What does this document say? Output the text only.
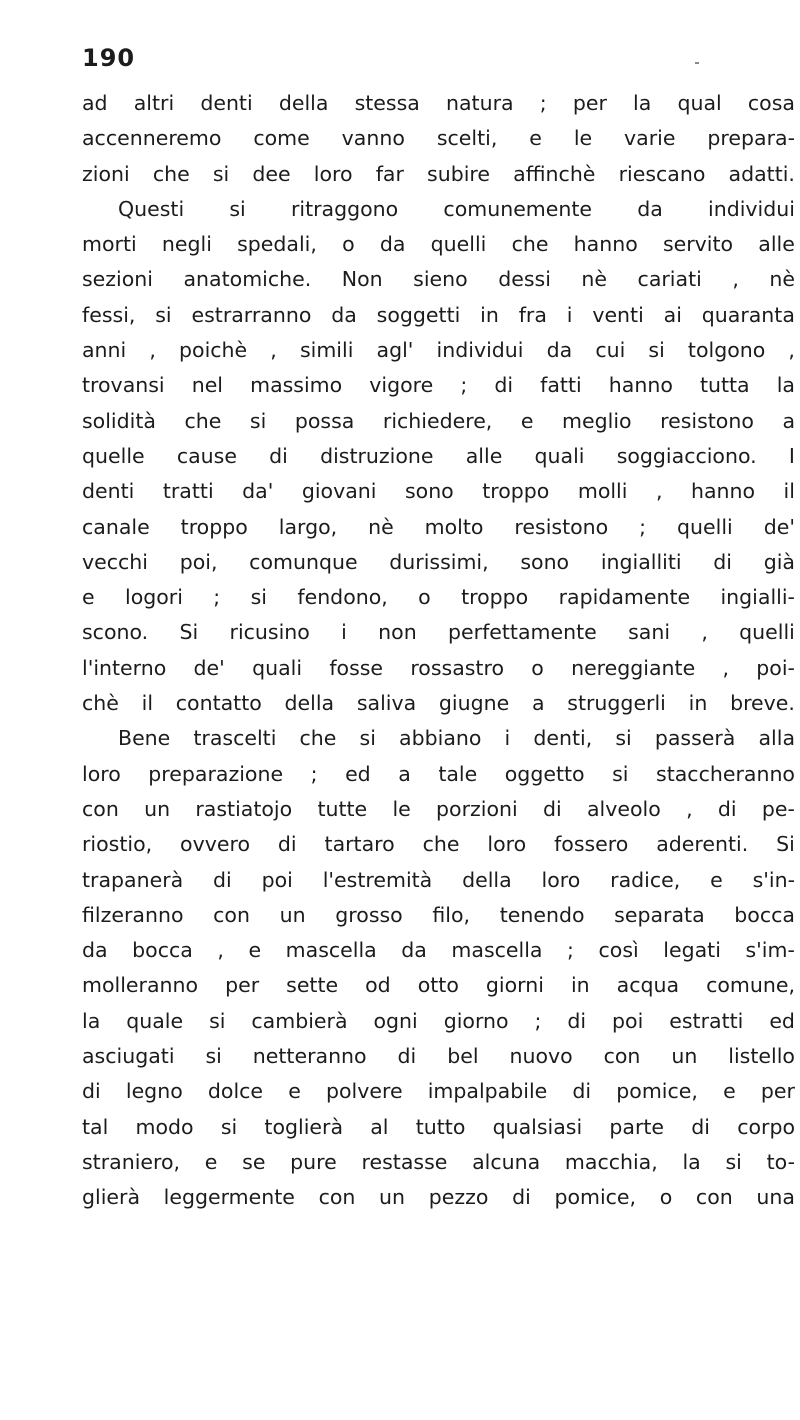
190
ad altri denti della stessa natura ; per la qual cosa
accenneremo come vanno scelti, e le varie prepara-
zioni che si dee loro far subire affinchè riescano adatti.
Questi si ritraggono comunemente da individui
morti negli spedali, o da quelli che hanno servito alle
sezioni anatomiche. Non sieno dessi nè cariati , nè
fessi, si estrarranno da soggetti in fra i venti ai quaranta
anni , poichè , simili agl' individui da cui si tolgono ,
trovansi nel massimo vigore ; di fatti hanno tutta la
solidità che si possa richiedere, e meglio resistono a
quelle cause di distruzione alle quali soggiacciono. I
denti tratti da' giovani sono troppo molli , hanno il
canale troppo largo, nè molto resistono ; quelli de'
vecchi poi, comunque durissimi, sono ingialliti di già
e logori ; si fendono, o troppo rapidamente ingialli-
scono. Si ricusino i non perfettamente sani , quelli
l'interno de' quali fosse rossastro o nereggiante , poi-
chè il contatto della saliva giugne a struggerli in breve.
Bene trascelti che si abbiano i denti, si passerà alla
loro preparazione ; ed a tale oggetto si staccheranno
con un rastiatojo tutte le porzioni di alveolo , di pe-
riostio, ovvero di tartaro che loro fossero aderenti. Si
trapanerà di poi l'estremità della loro radice, e s'in-
filzeranno con un grosso filo, tenendo separata bocca
da bocca , e mascella da mascella ; così legati s'im-
molleranno per sette od otto giorni in acqua comune,
la quale si cambierà ogni giorno ; di poi estratti ed
asciugati si netteranno di bel nuovo con un listello
di legno dolce e polvere impalpabile di pomice, e per
tal modo si toglierà al tutto qualsiasi parte di corpo
straniero, e se pure restasse alcuna macchia, la si to-
glierà leggermente con un pezzo di pomice, o con una
